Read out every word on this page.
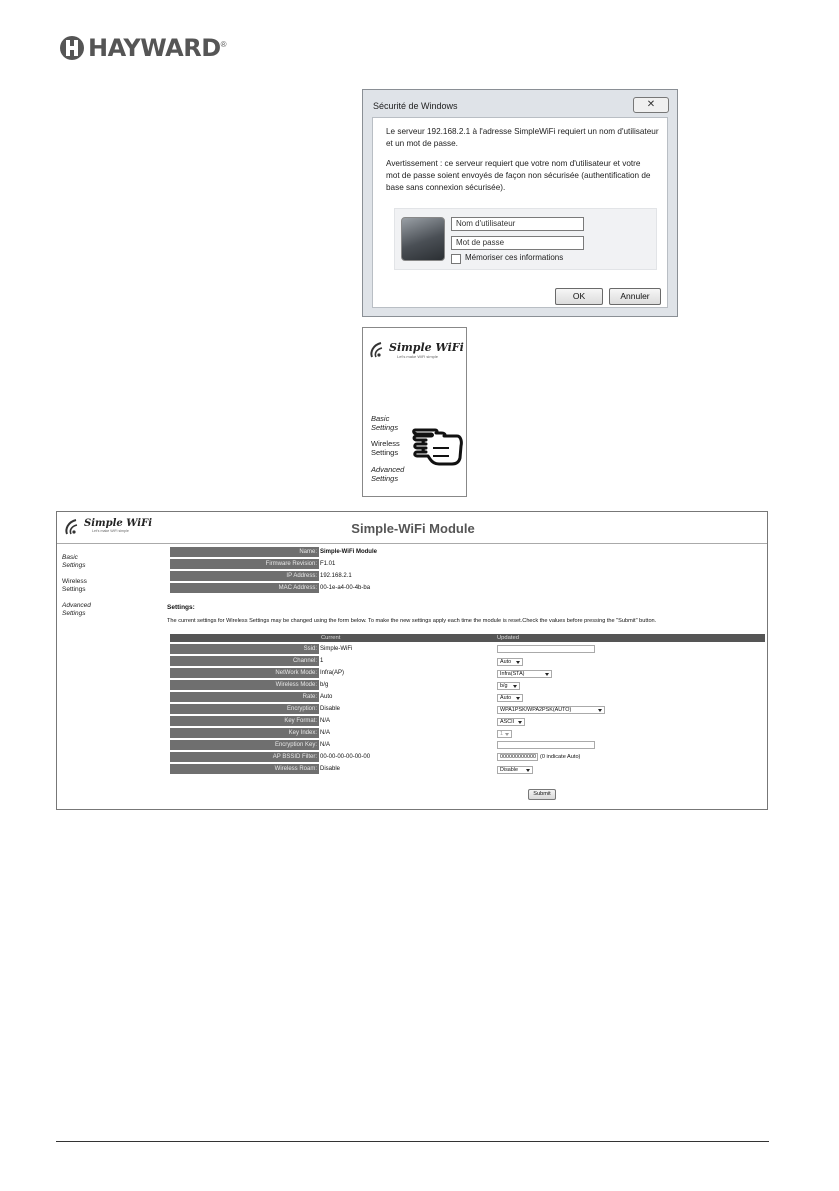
HAYWARD ®
Sécurité de Windows	✕
Le serveur 192.168.2.1 à l'adresse SimpleWiFi requiert un nom d'utilisateur
et un mot de passe.
Avertissement : ce serveur requiert que votre nom d'utilisateur et votre
mot de passe soient envoyés de façon non sécurisée (authentification de
base sans connexion sécurisée).
Nom d'utilisateur
Mot de passe
Mémoriser ces informations
OK	Annuler
Simple WiFi
Let's make WiFi simple
Basic Settings
Wireless Settings
Advanced Settings
Simple WiFi
Let's make WiFi simple	Simple-WiFi Module
Basic
Settings
Wireless
Settings
Advanced
Settings
Name: Simple-WiFi Module
Firmware Revision: F1.01
IP Address: 192.168.2.1
MAC Address: 00-1e-a4-00-4b-ba
Settings:
The current settings for Wireless Settings may be changed using the form below. To make the new settings apply each time the module is reset.Check the values before pressing the "Submit" button.
Current	Updated
Ssid: Simple-WiFi
Channel: 1	Auto
NetWork Mode: Infra(AP)	Infra(STA)
Wireless Mode: b/g	b/g
Rate: Auto	Auto
Encryption: Disable	WPA1PSK/WPA2PSK(AUTO)
Key Format: N/A	ASCII
Key Index: N/A	1
Encryption Key: N/A
AP BSSID Filter: 00-00-00-00-00-00	000000000000 (0 indicate Auto)
Wireless Roam: Disable	Disable
Submit
